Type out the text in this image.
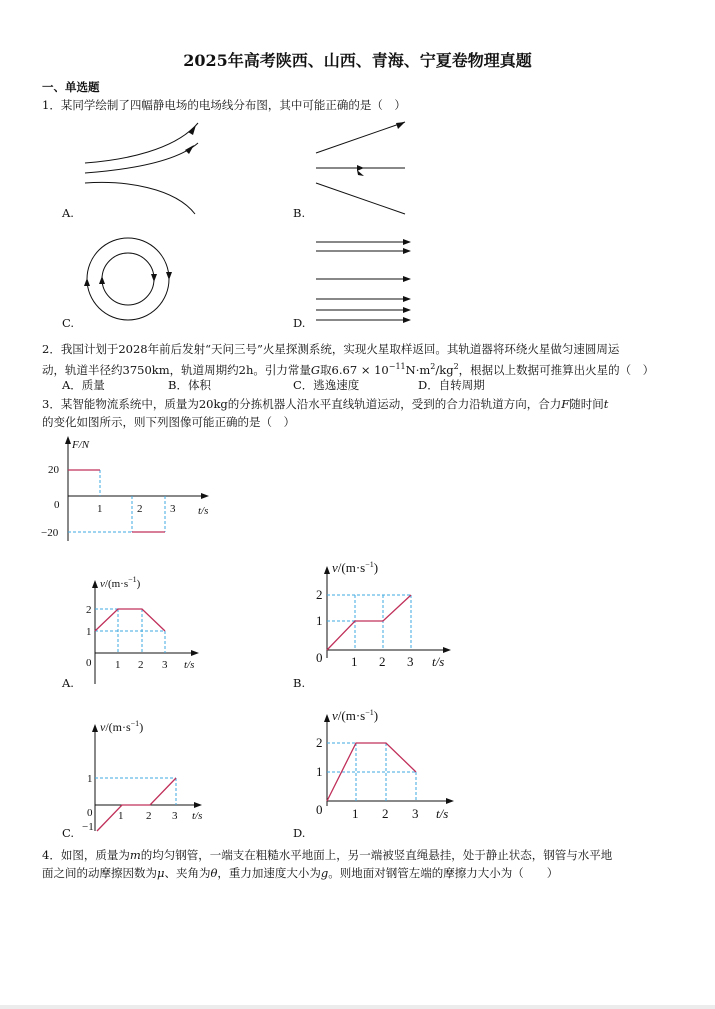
2025年高考陕西、山西、青海、宁夏卷物理真题
一、单选题
1．某同学绘制了四幅静电场的电场线分布图，其中可能正确的是（　）
A.	B.
C.	D.
2．我国计划于2028年前后发射“天问三号”火星探测系统，实现火星取样返回。其轨道器将环绕火星做匀速圆周运
动，轨道半径约3750km，轨道周期约2h。引力常量G取$6.67 \times 10^{-11}N\cdot m^2/kg^2$，根据以上数据可推算出火星的（　）
A．质量	B．体积	C．逃逸速度	D．自转周期
3．某智能物流系统中，质量为20kg的分拣机器人沿水平直线轨道运动，受到的合力沿轨道方向，合力F随时间t
的变化如图所示，则下列图像可能正确的是（　）
F/N
t/s
20
0
−20
1	2	3
$v/(m\cdot s^{-1})$
2
1
0 1 2 3 t/s
A.
$v/(m\cdot s^{-1})$
2
1
0 1 2 3 t/s
B.
$v/(m\cdot s^{-1})$
1
0
−1
1 2 3 t/s
C.
$v/(m\cdot s^{-1})$
2
1
0 1 2 3 t/s
D.
4．如图，质量为m的均匀钢管，一端支在粗糙水平地面上，另一端被竖直绳悬挂，处于静止状态，钢管与水平地
面之间的动摩擦因数为μ、夹角为θ，重力加速度大小为g。则地面对钢管左端的摩擦力大小为（　　）
